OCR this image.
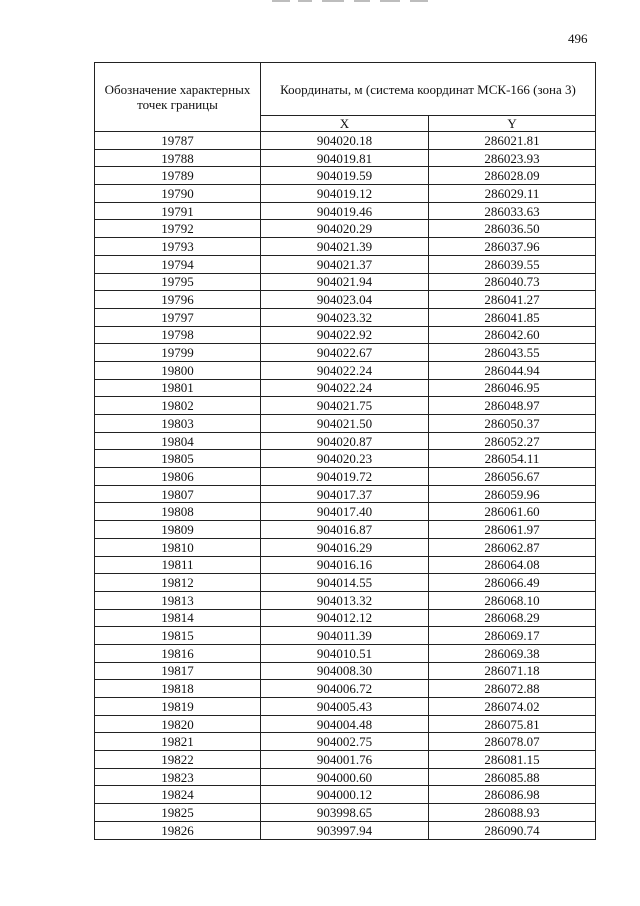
496
Обозначение характерных точек границы	Координаты, м (система координат МСК-166 (зона 3)	
	X	Y
19787	904020.18	286021.81
19788	904019.81	286023.93
19789	904019.59	286028.09
19790	904019.12	286029.11
19791	904019.46	286033.63
19792	904020.29	286036.50
19793	904021.39	286037.96
19794	904021.37	286039.55
19795	904021.94	286040.73
19796	904023.04	286041.27
19797	904023.32	286041.85
19798	904022.92	286042.60
19799	904022.67	286043.55
19800	904022.24	286044.94
19801	904022.24	286046.95
19802	904021.75	286048.97
19803	904021.50	286050.37
19804	904020.87	286052.27
19805	904020.23	286054.11
19806	904019.72	286056.67
19807	904017.37	286059.96
19808	904017.40	286061.60
19809	904016.87	286061.97
19810	904016.29	286062.87
19811	904016.16	286064.08
19812	904014.55	286066.49
19813	904013.32	286068.10
19814	904012.12	286068.29
19815	904011.39	286069.17
19816	904010.51	286069.38
19817	904008.30	286071.18
19818	904006.72	286072.88
19819	904005.43	286074.02
19820	904004.48	286075.81
19821	904002.75	286078.07
19822	904001.76	286081.15
19823	904000.60	286085.88
19824	904000.12	286086.98
19825	903998.65	286088.93
19826	903997.94	286090.74
